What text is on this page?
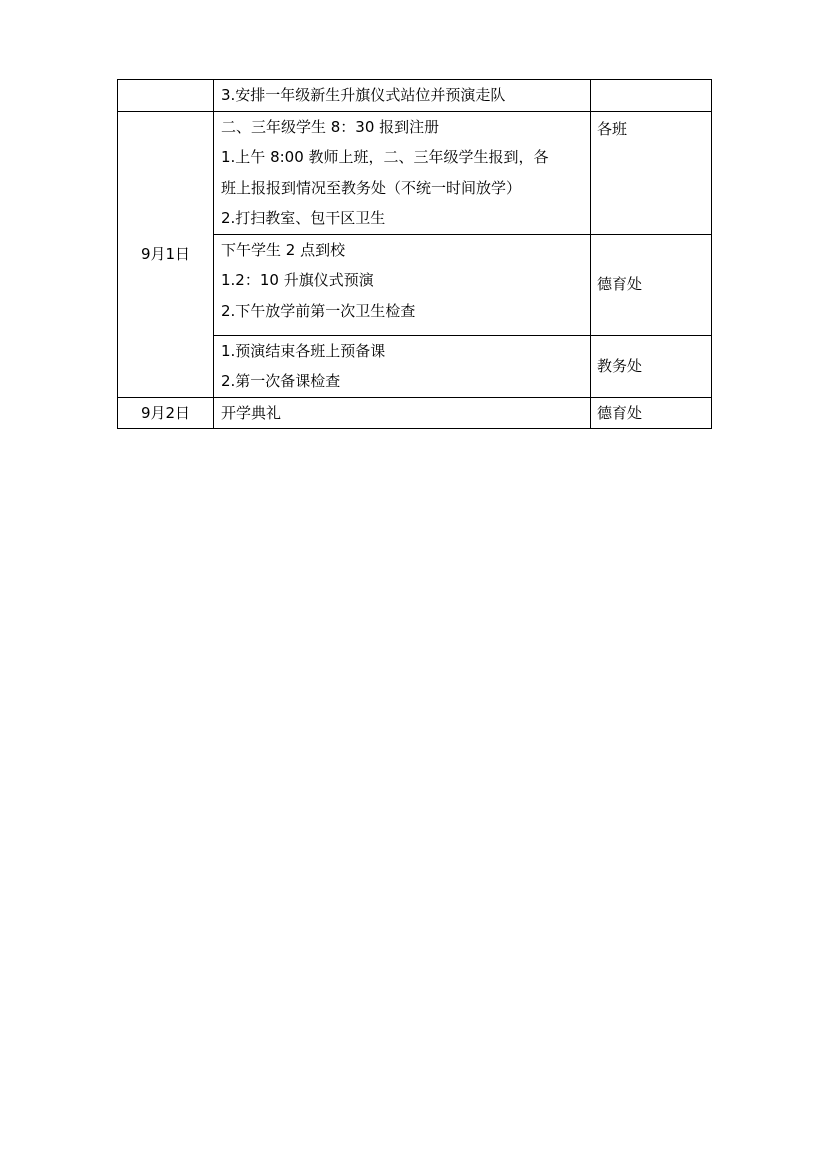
	3.安排一年级新生升旗仪式站位并预演走队	

9月1日	二、三年级学生 8：30 报到注册
1.上午 8:00 教师上班，二、三年级学生报到，各
班上报报到情况至教务处（不统一时间放学）
2.打扫教室、包干区卫生	各班

	下午学生 2 点到校
1.2：10 升旗仪式预演
2.下午放学前第一次卫生检查	德育处

	1.预演结束各班上预备课
2.第一次备课检查	教务处
9月2日	开学典礼	德育处
